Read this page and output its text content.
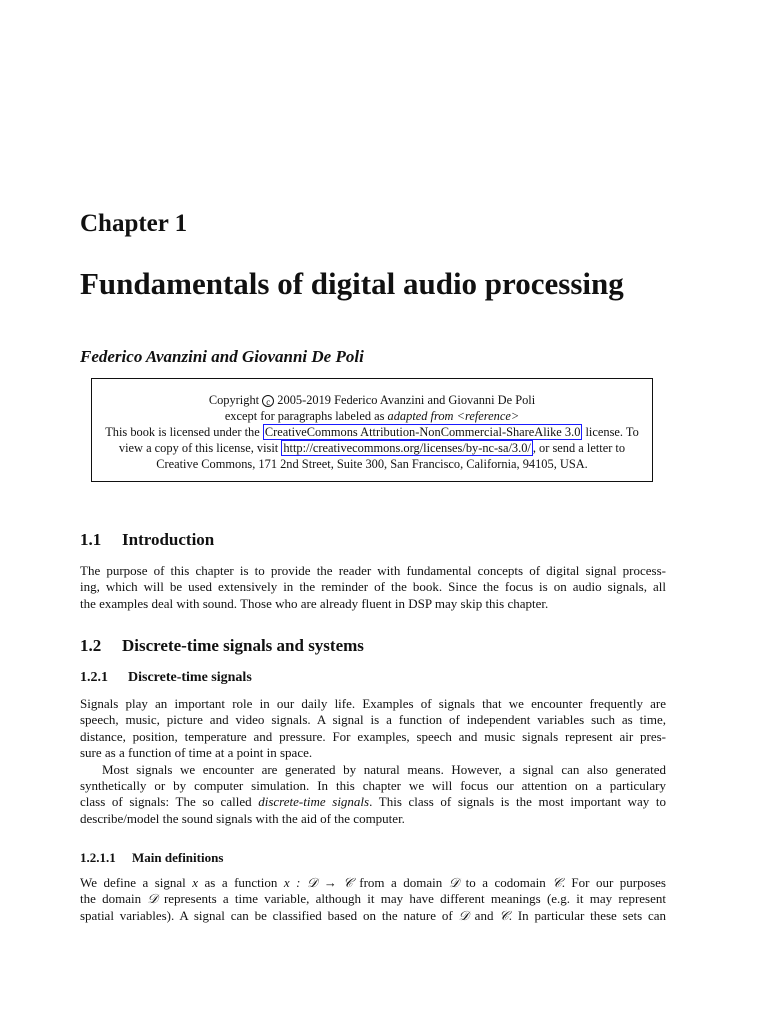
Chapter 1
Fundamentals of digital audio processing
Federico Avanzini and Giovanni De Poli
Copyright c 2005-2019 Federico Avanzini and Giovanni De Poli
except for paragraphs labeled as adapted from <reference>
This book is licensed under the CreativeCommons Attribution-NonCommercial-ShareAlike 3.0 license. To
view a copy of this license, visit http://creativecommons.org/licenses/by-nc-sa/3.0/ , or send a letter to
Creative Commons, 171 2nd Street, Suite 300, San Francisco, California, 94105, USA.
1.1 Introduction
The purpose of this chapter is to provide the reader with fundamental concepts of digital signal process-
ing, which will be used extensively in the reminder of the book. Since the focus is on audio signals, all
the examples deal with sound. Those who are already fluent in DSP may skip this chapter.
1.2 Discrete-time signals and systems
1.2.1 Discrete-time signals
Signals play an important role in our daily life. Examples of signals that we encounter frequently are
speech, music, picture and video signals. A signal is a function of independent variables such as time,
distance, position, temperature and pressure. For examples, speech and music signals represent air pres-
sure as a function of time at a point in space.
Most signals we encounter are generated by natural means. However, a signal can also generated
synthetically or by computer simulation. In this chapter we will focus our attention on a particulary
class of signals: The so called discrete-time signals. This class of signals is the most important way to
describe/model the sound signals with the aid of the computer.
1.2.1.1 Main definitions
We define a signal x as a function x : 𝒟 → 𝒞 from a domain 𝒟 to a codomain 𝒞. For our purposes
the domain 𝒟 represents a time variable, although it may have different meanings (e.g. it may represent
spatial variables). A signal can be classified based on the nature of 𝒟 and 𝒞. In particular these sets can
